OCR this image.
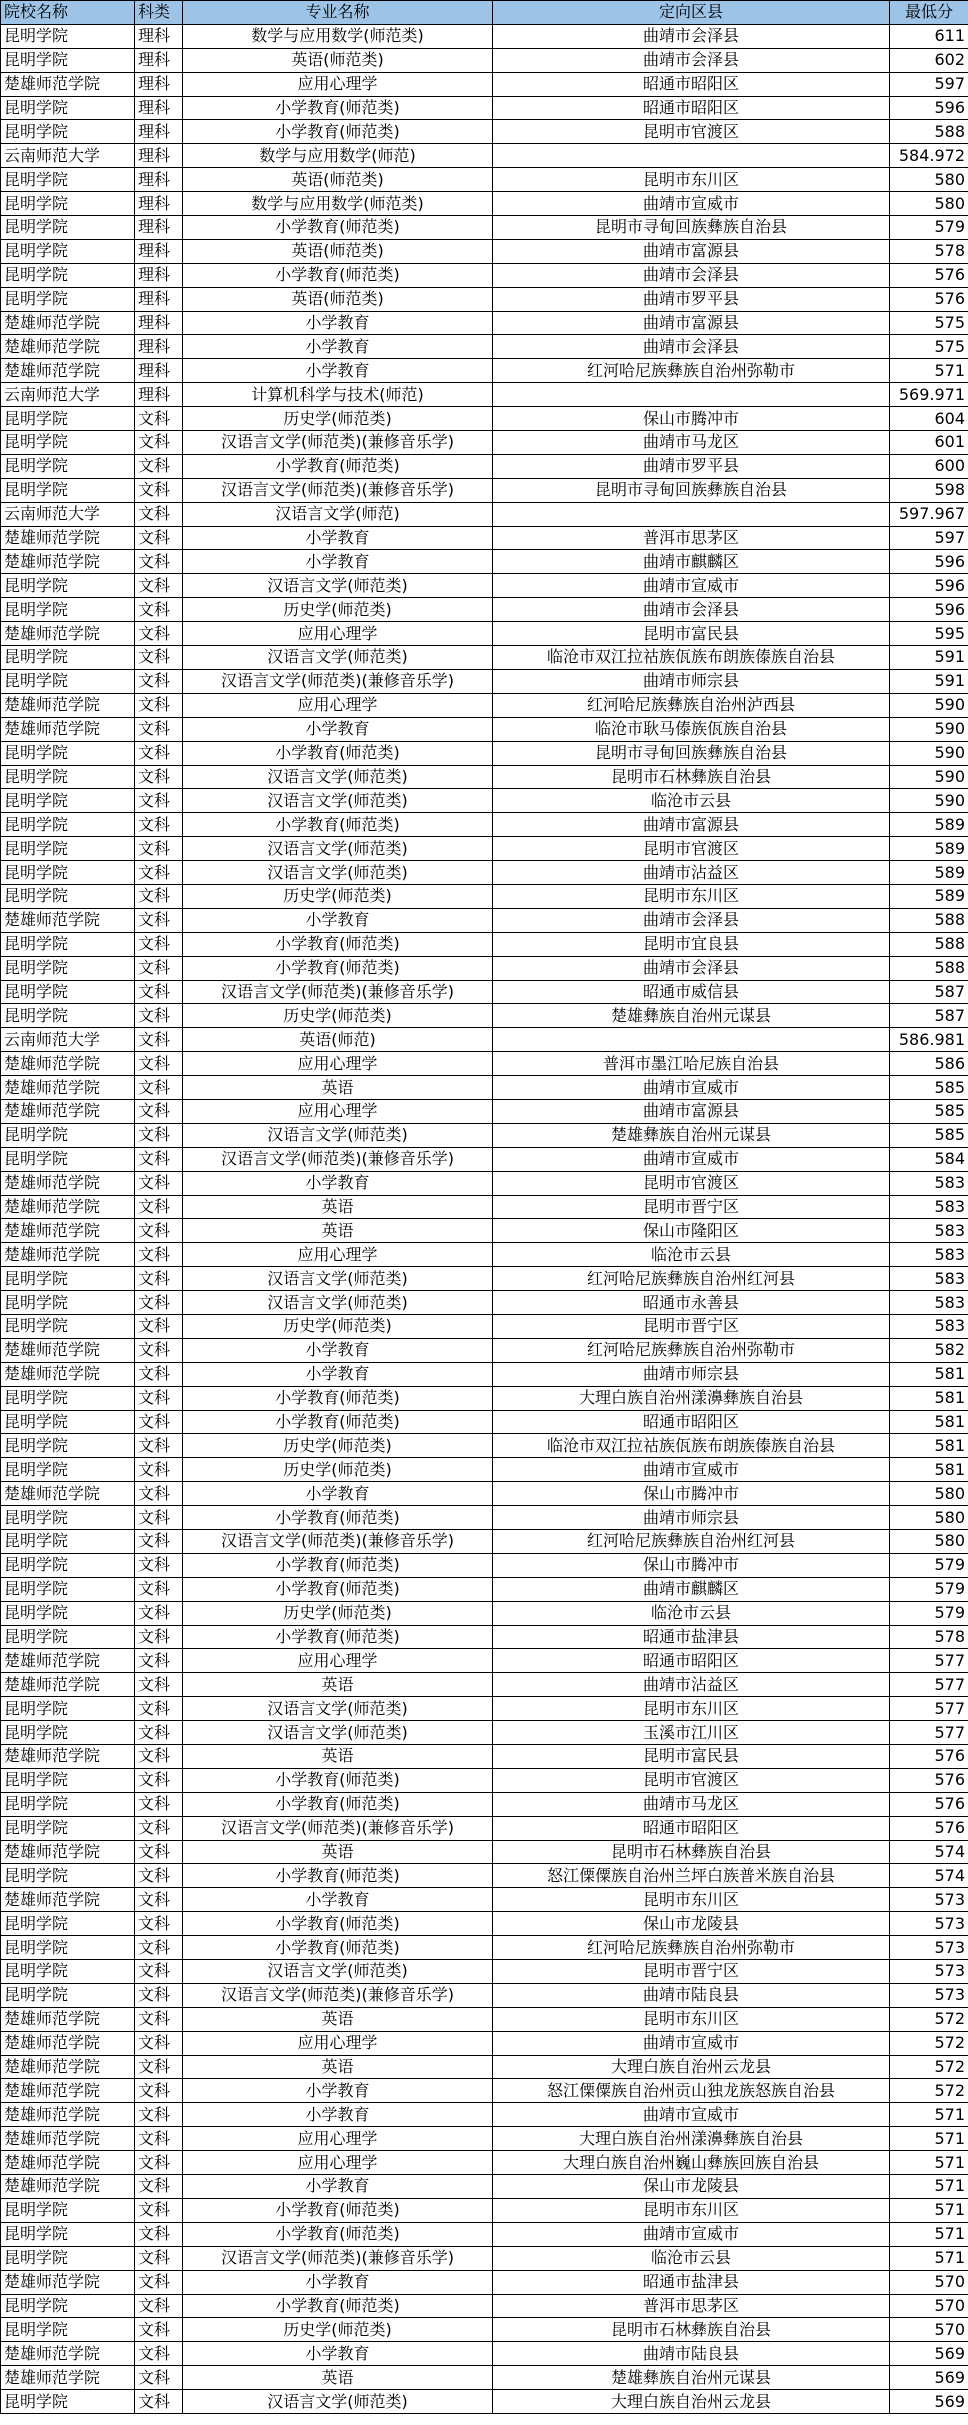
院校名称	科类	专业名称	定向区县	最低分
昆明学院	理科	数学与应用数学(师范类)	曲靖市会泽县	611
昆明学院	理科	英语(师范类)	曲靖市会泽县	602
楚雄师范学院	理科	应用心理学	昭通市昭阳区	597
昆明学院	理科	小学教育(师范类)	昭通市昭阳区	596
昆明学院	理科	小学教育(师范类)	昆明市官渡区	588
云南师范大学	理科	数学与应用数学(师范)		584.972
昆明学院	理科	英语(师范类)	昆明市东川区	580
昆明学院	理科	数学与应用数学(师范类)	曲靖市宣威市	580
昆明学院	理科	小学教育(师范类)	昆明市寻甸回族彝族自治县	579
昆明学院	理科	英语(师范类)	曲靖市富源县	578
昆明学院	理科	小学教育(师范类)	曲靖市会泽县	576
昆明学院	理科	英语(师范类)	曲靖市罗平县	576
楚雄师范学院	理科	小学教育	曲靖市富源县	575
楚雄师范学院	理科	小学教育	曲靖市会泽县	575
楚雄师范学院	理科	小学教育	红河哈尼族彝族自治州弥勒市	571
云南师范大学	理科	计算机科学与技术(师范)		569.971
昆明学院	文科	历史学(师范类)	保山市腾冲市	604
昆明学院	文科	汉语言文学(师范类)(兼修音乐学)	曲靖市马龙区	601
昆明学院	文科	小学教育(师范类)	曲靖市罗平县	600
昆明学院	文科	汉语言文学(师范类)(兼修音乐学)	昆明市寻甸回族彝族自治县	598
云南师范大学	文科	汉语言文学(师范)		597.967
楚雄师范学院	文科	小学教育	普洱市思茅区	597
楚雄师范学院	文科	小学教育	曲靖市麒麟区	596
昆明学院	文科	汉语言文学(师范类)	曲靖市宣威市	596
昆明学院	文科	历史学(师范类)	曲靖市会泽县	596
楚雄师范学院	文科	应用心理学	昆明市富民县	595
昆明学院	文科	汉语言文学(师范类)	临沧市双江拉祜族佤族布朗族傣族自治县	591
昆明学院	文科	汉语言文学(师范类)(兼修音乐学)	曲靖市师宗县	591
楚雄师范学院	文科	应用心理学	红河哈尼族彝族自治州泸西县	590
楚雄师范学院	文科	小学教育	临沧市耿马傣族佤族自治县	590
昆明学院	文科	小学教育(师范类)	昆明市寻甸回族彝族自治县	590
昆明学院	文科	汉语言文学(师范类)	昆明市石林彝族自治县	590
昆明学院	文科	汉语言文学(师范类)	临沧市云县	590
昆明学院	文科	小学教育(师范类)	曲靖市富源县	589
昆明学院	文科	汉语言文学(师范类)	昆明市官渡区	589
昆明学院	文科	汉语言文学(师范类)	曲靖市沾益区	589
昆明学院	文科	历史学(师范类)	昆明市东川区	589
楚雄师范学院	文科	小学教育	曲靖市会泽县	588
昆明学院	文科	小学教育(师范类)	昆明市宜良县	588
昆明学院	文科	小学教育(师范类)	曲靖市会泽县	588
昆明学院	文科	汉语言文学(师范类)(兼修音乐学)	昭通市威信县	587
昆明学院	文科	历史学(师范类)	楚雄彝族自治州元谋县	587
云南师范大学	文科	英语(师范)		586.981
楚雄师范学院	文科	应用心理学	普洱市墨江哈尼族自治县	586
楚雄师范学院	文科	英语	曲靖市宣威市	585
楚雄师范学院	文科	应用心理学	曲靖市富源县	585
昆明学院	文科	汉语言文学(师范类)	楚雄彝族自治州元谋县	585
昆明学院	文科	汉语言文学(师范类)(兼修音乐学)	曲靖市宣威市	584
楚雄师范学院	文科	小学教育	昆明市官渡区	583
楚雄师范学院	文科	英语	昆明市晋宁区	583
楚雄师范学院	文科	英语	保山市隆阳区	583
楚雄师范学院	文科	应用心理学	临沧市云县	583
昆明学院	文科	汉语言文学(师范类)	红河哈尼族彝族自治州红河县	583
昆明学院	文科	汉语言文学(师范类)	昭通市永善县	583
昆明学院	文科	历史学(师范类)	昆明市晋宁区	583
楚雄师范学院	文科	小学教育	红河哈尼族彝族自治州弥勒市	582
楚雄师范学院	文科	小学教育	曲靖市师宗县	581
昆明学院	文科	小学教育(师范类)	大理白族自治州漾濞彝族自治县	581
昆明学院	文科	小学教育(师范类)	昭通市昭阳区	581
昆明学院	文科	历史学(师范类)	临沧市双江拉祜族佤族布朗族傣族自治县	581
昆明学院	文科	历史学(师范类)	曲靖市宣威市	581
楚雄师范学院	文科	小学教育	保山市腾冲市	580
昆明学院	文科	小学教育(师范类)	曲靖市师宗县	580
昆明学院	文科	汉语言文学(师范类)(兼修音乐学)	红河哈尼族彝族自治州红河县	580
昆明学院	文科	小学教育(师范类)	保山市腾冲市	579
昆明学院	文科	小学教育(师范类)	曲靖市麒麟区	579
昆明学院	文科	历史学(师范类)	临沧市云县	579
昆明学院	文科	小学教育(师范类)	昭通市盐津县	578
楚雄师范学院	文科	应用心理学	昭通市昭阳区	577
楚雄师范学院	文科	英语	曲靖市沾益区	577
昆明学院	文科	汉语言文学(师范类)	昆明市东川区	577
昆明学院	文科	汉语言文学(师范类)	玉溪市江川区	577
楚雄师范学院	文科	英语	昆明市富民县	576
昆明学院	文科	小学教育(师范类)	昆明市官渡区	576
昆明学院	文科	小学教育(师范类)	曲靖市马龙区	576
昆明学院	文科	汉语言文学(师范类)(兼修音乐学)	昭通市昭阳区	576
楚雄师范学院	文科	英语	昆明市石林彝族自治县	574
昆明学院	文科	小学教育(师范类)	怒江傈僳族自治州兰坪白族普米族自治县	574
楚雄师范学院	文科	小学教育	昆明市东川区	573
昆明学院	文科	小学教育(师范类)	保山市龙陵县	573
昆明学院	文科	小学教育(师范类)	红河哈尼族彝族自治州弥勒市	573
昆明学院	文科	汉语言文学(师范类)	昆明市晋宁区	573
昆明学院	文科	汉语言文学(师范类)(兼修音乐学)	曲靖市陆良县	573
楚雄师范学院	文科	英语	昆明市东川区	572
楚雄师范学院	文科	应用心理学	曲靖市宣威市	572
楚雄师范学院	文科	英语	大理白族自治州云龙县	572
楚雄师范学院	文科	小学教育	怒江傈僳族自治州贡山独龙族怒族自治县	572
楚雄师范学院	文科	小学教育	曲靖市宣威市	571
楚雄师范学院	文科	应用心理学	大理白族自治州漾濞彝族自治县	571
楚雄师范学院	文科	应用心理学	大理白族自治州巍山彝族回族自治县	571
楚雄师范学院	文科	小学教育	保山市龙陵县	571
昆明学院	文科	小学教育(师范类)	昆明市东川区	571
昆明学院	文科	小学教育(师范类)	曲靖市宣威市	571
昆明学院	文科	汉语言文学(师范类)(兼修音乐学)	临沧市云县	571
楚雄师范学院	文科	小学教育	昭通市盐津县	570
昆明学院	文科	小学教育(师范类)	普洱市思茅区	570
昆明学院	文科	历史学(师范类)	昆明市石林彝族自治县	570
楚雄师范学院	文科	小学教育	曲靖市陆良县	569
楚雄师范学院	文科	英语	楚雄彝族自治州元谋县	569
昆明学院	文科	汉语言文学(师范类)	大理白族自治州云龙县	569
